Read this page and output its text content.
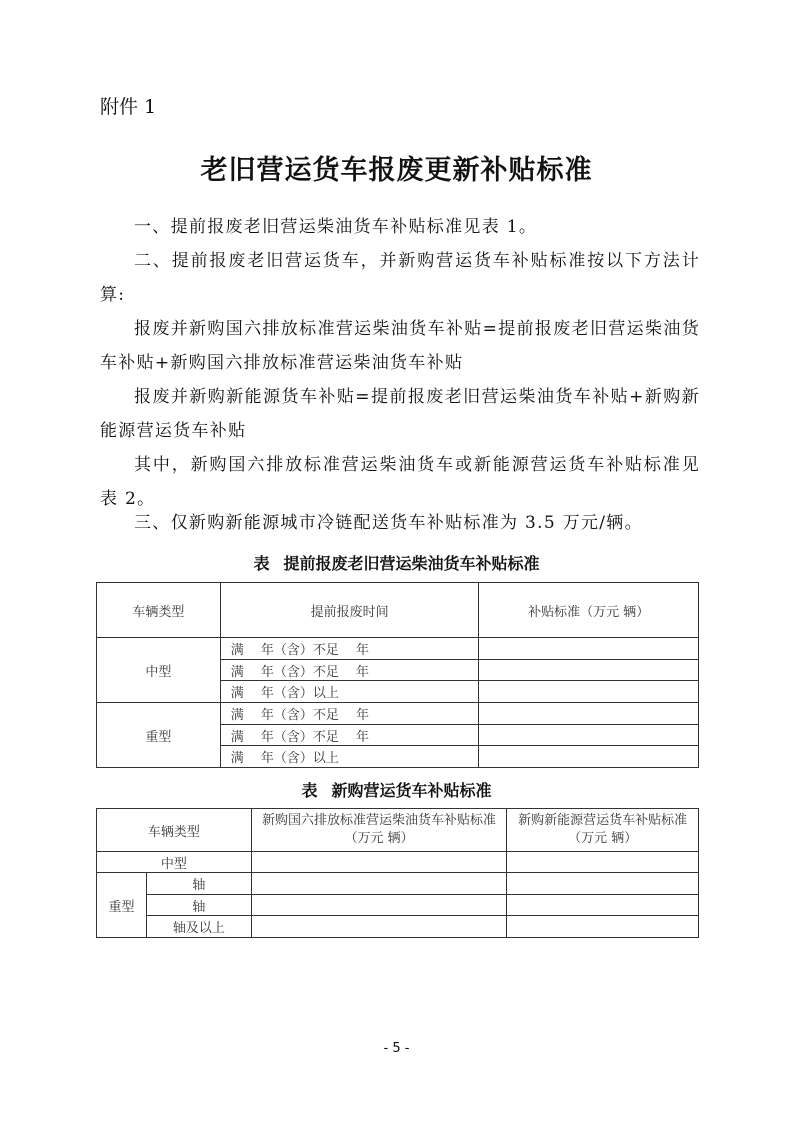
附件 1
老旧营运货车报废更新补贴标准
一、提前报废老旧营运柴油货车补贴标准见表 1。
二、提前报废老旧营运货车，并新购营运货车补贴标准按以下方法计算:
报废并新购国六排放标准营运柴油货车补贴=提前报废老旧营运柴油货车补贴+新购国六排放标准营运柴油货车补贴
报废并新购新能源货车补贴=提前报废老旧营运柴油货车补贴+新购新能源营运货车补贴
其中，新购国六排放标准营运柴油货车或新能源营运货车补贴标准见表 2。
三、仅新购新能源城市冷链配送货车补贴标准为 3.5 万元/辆。
表 提前报废老旧营运柴油货车补贴标准
车辆类型	提前报废时间	补贴标准（万元 辆）
中型	满　 年（含）不足　 年	
	满　 年（含）不足　 年	
	满　 年（含）以上	
重型	满　 年（含）不足　 年	
	满　 年（含）不足　 年	
	满　 年（含）以上	
表 新购营运货车补贴标准
车辆类型		新购国六排放标准营运柴油货车补贴标准（万元 辆）	新购新能源营运货车补贴标准（万元 辆）
中型			
重型	轴		
	轴		
	轴及以上		
- 5 -
